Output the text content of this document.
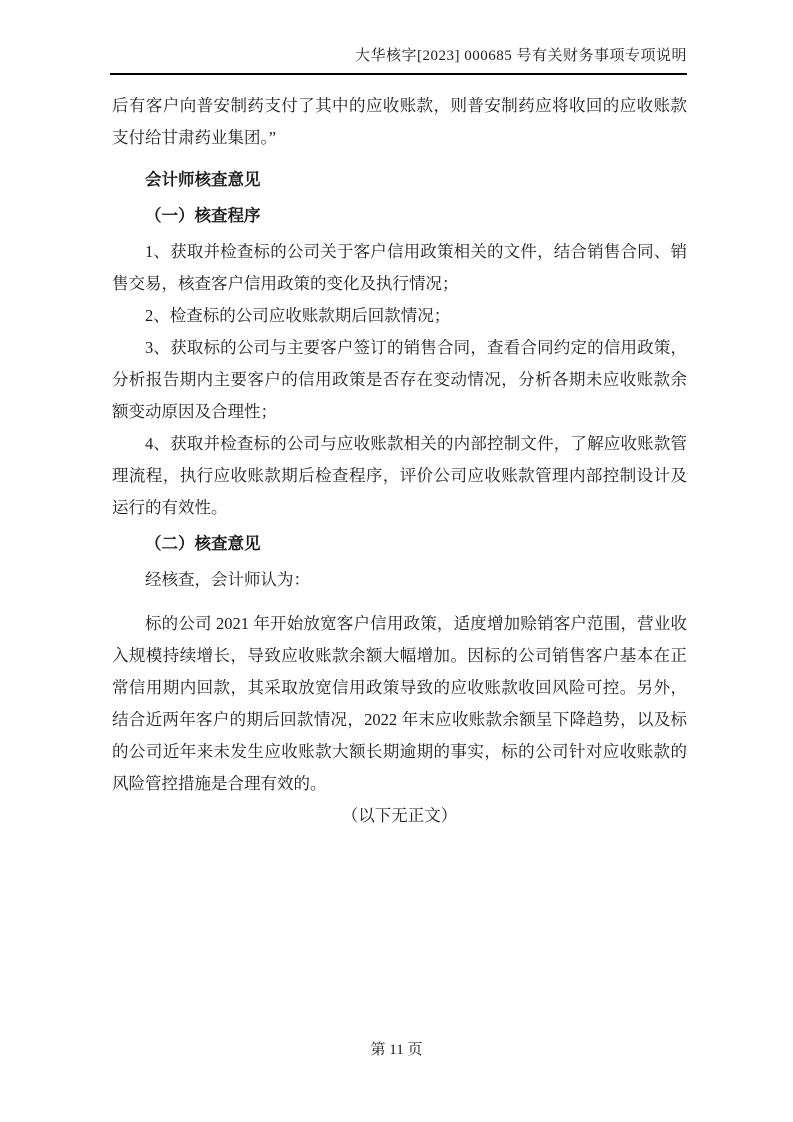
大华核字[2023] 000685 号有关财务事项专项说明

后有客户向普安制药支付了其中的应收账款，则普安制药应将收回的应收账款支付给甘肃药业集团。”

会计师核查意见

（一）核查程序

1、获取并检查标的公司关于客户信用政策相关的文件，结合销售合同、销售交易，核查客户信用政策的变化及执行情况；

2、检查标的公司应收账款期后回款情况；

3、获取标的公司与主要客户签订的销售合同，查看合同约定的信用政策，分析报告期内主要客户的信用政策是否存在变动情况，分析各期未应收账款余额变动原因及合理性；

4、获取并检查标的公司与应收账款相关的内部控制文件，了解应收账款管理流程，执行应收账款期后检查程序，评价公司应收账款管理内部控制设计及运行的有效性。

（二）核查意见

经核查，会计师认为：

标的公司 2021 年开始放宽客户信用政策，适度增加赊销客户范围，营业收入规模持续增长，导致应收账款余额大幅增加。因标的公司销售客户基本在正常信用期内回款，其采取放宽信用政策导致的应收账款收回风险可控。另外，结合近两年客户的期后回款情况，2022 年末应收账款余额呈下降趋势，以及标的公司近年来未发生应收账款大额长期逾期的事实，标的公司针对应收账款的风险管控措施是合理有效的。

（以下无正文）

第 11 页
